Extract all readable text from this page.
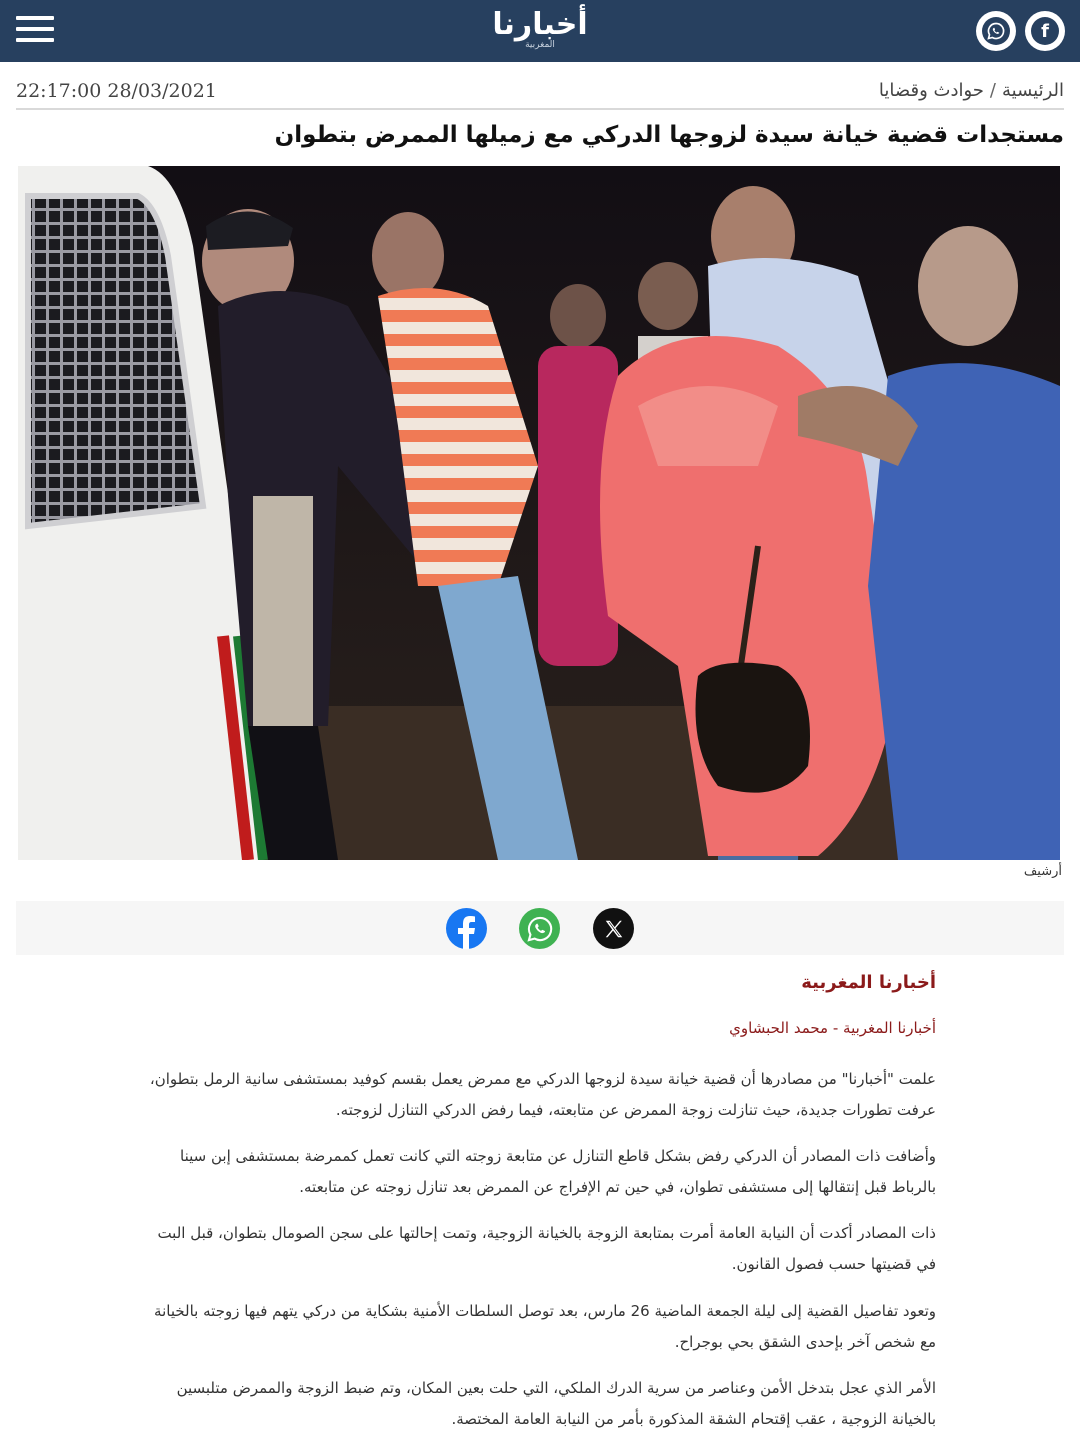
أخبارنا
المغربية
f
22:17:00 28/03/2021	الرئيسية/حوادث وقضايا
مستجدات قضية خيانة سيدة لزوجها الدركي مع زميلها الممرض بتطوان
أرشيف
أخبارنا المغربية
أخبارنا المغربية - محمد الحبشاوي

علمت "أخبارنا" من مصادرها أن قضية خيانة سيدة لزوجها الدركي مع ممرض يعمل بقسم كوفيد بمستشفى سانية الرمل بتطوان، عرفت تطورات جديدة، حيث تنازلت زوجة الممرض عن متابعته، فيما رفض الدركي التنازل لزوجته.

وأضافت ذات المصادر أن الدركي رفض بشكل قاطع التنازل عن متابعة زوجته التي كانت تعمل كممرضة بمستشفى إبن سينا بالرباط قبل إنتقالها إلى مستشفى تطوان، في حين تم الإفراج عن الممرض بعد تنازل زوجته عن متابعته.

ذات المصادر أكدت أن النيابة العامة أمرت بمتابعة الزوجة بالخيانة الزوجية، وتمت إحالتها على سجن الصومال بتطوان، قبل البت في قضيتها حسب فصول القانون.

وتعود تفاصيل القضية إلى ليلة الجمعة الماضية 26 مارس، بعد توصل السلطات الأمنية بشكاية من دركي يتهم فيها زوجته بالخيانة مع شخص آخر بإحدى الشقق بحي بوجراح.

الأمر الذي عجل بتدخل الأمن وعناصر من سرية الدرك الملكي، التي حلت بعين المكان، وتم ضبط الزوجة والممرض متلبسين بالخيانة الزوجية ، عقب إقتحام الشقة المذكورة بأمر من النيابة العامة المختصة.
